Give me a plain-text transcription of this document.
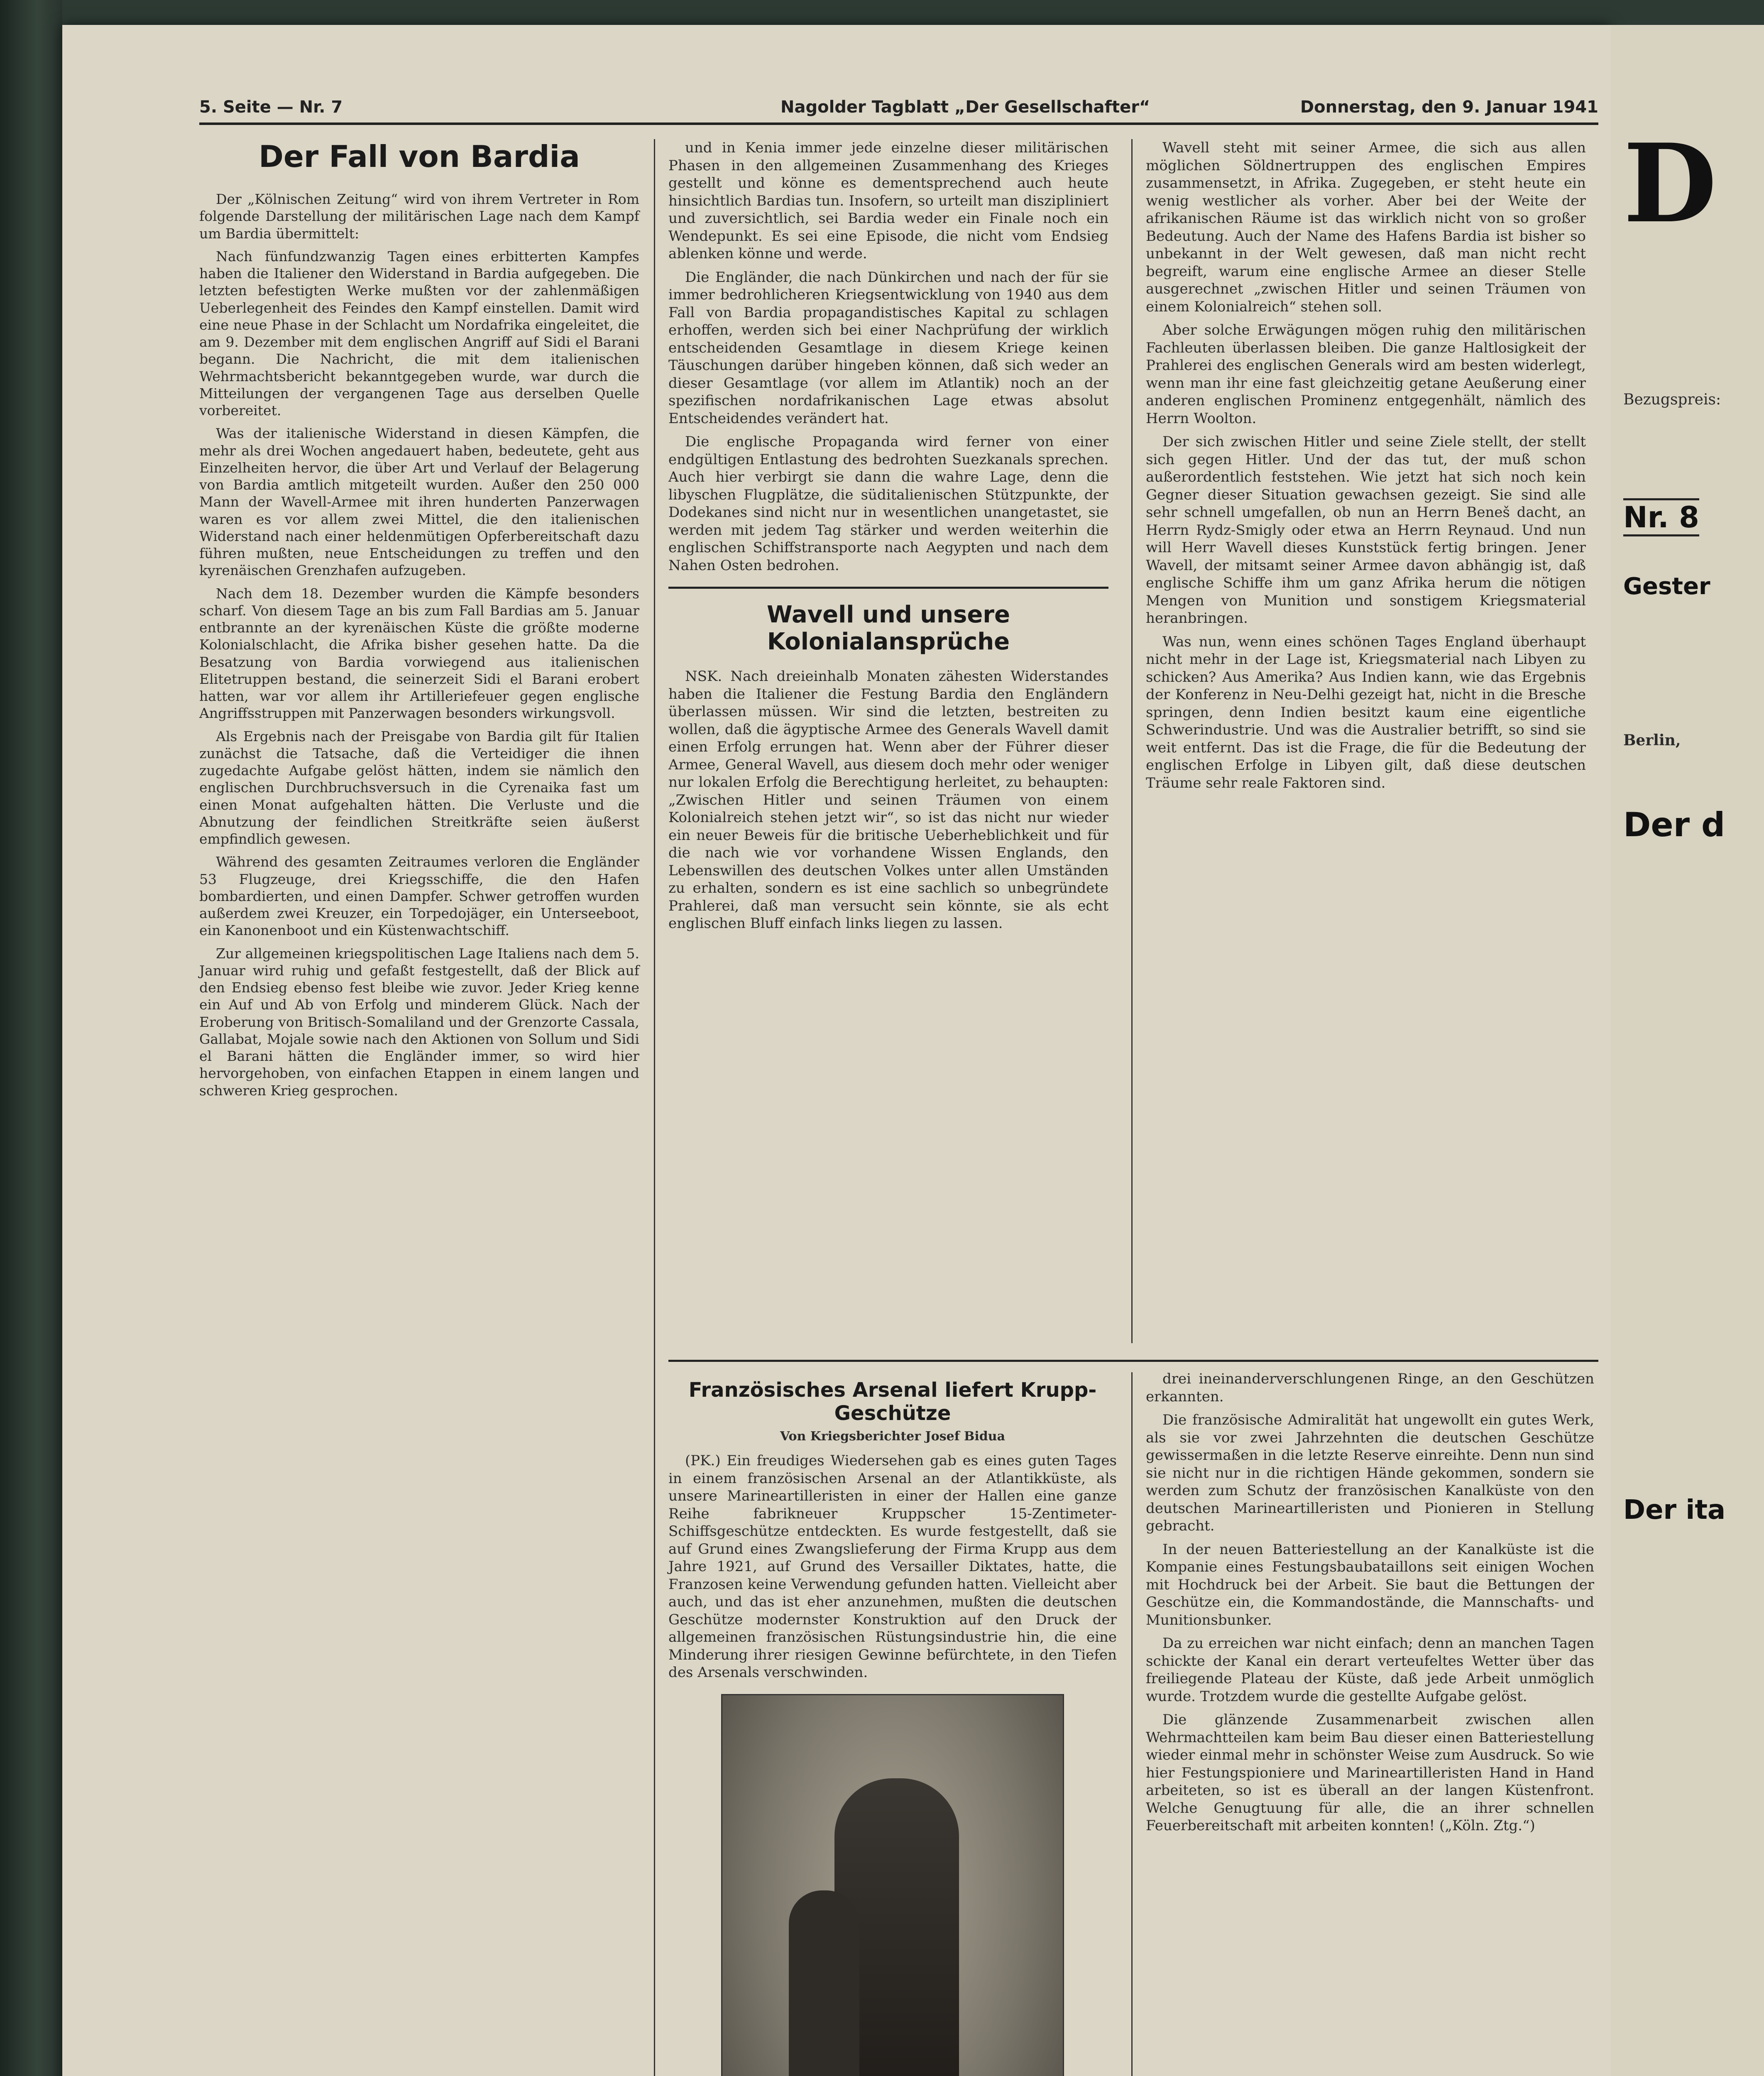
5. Seite — Nr. 7	Nagolder Tagblatt „Der Gesellschafter“	Donnerstag, den 9. Januar 1941
Der Fall von Bardia

Der „Kölnischen Zeitung“ wird von ihrem Vertreter in Rom folgende Darstellung der militärischen Lage nach dem Kampf um Bardia übermittelt:

Nach fünfundzwanzig Tagen eines erbitterten Kampfes haben die Italiener den Widerstand in Bardia aufgegeben. Die letzten befestigten Werke mußten vor der zahlenmäßigen Ueberlegenheit des Feindes den Kampf einstellen. Damit wird eine neue Phase in der Schlacht um Nordafrika eingeleitet, die am 9. Dezember mit dem englischen Angriff auf Sidi el Barani begann. Die Nachricht, die mit dem italienischen Wehrmachtsbericht bekanntgegeben wurde, war durch die Mitteilungen der vergangenen Tage aus derselben Quelle vorbereitet.

Was der italienische Widerstand in diesen Kämpfen, die mehr als drei Wochen angedauert haben, bedeutete, geht aus Einzelheiten hervor, die über Art und Verlauf der Belagerung von Bardia amtlich mitgeteilt wurden. Außer den 250 000 Mann der Wavell-Armee mit ihren hunderten Panzerwagen waren es vor allem zwei Mittel, die den italienischen Widerstand nach einer heldenmütigen Opferbereitschaft dazu führen mußten, neue Entscheidungen zu treffen und den kyrenäischen Grenzhafen aufzugeben.

Nach dem 18. Dezember wurden die Kämpfe besonders scharf. Von diesem Tage an bis zum Fall Bardias am 5. Januar entbrannte an der kyrenäischen Küste die größte moderne Kolonialschlacht, die Afrika bisher gesehen hatte. Da die Besatzung von Bardia vorwiegend aus italienischen Elitetruppen bestand, die seinerzeit Sidi el Barani erobert hatten, war vor allem ihr Artilleriefeuer gegen englische Angriffsstruppen mit Panzerwagen besonders wirkungsvoll.

Als Ergebnis nach der Preisgabe von Bardia gilt für Italien zunächst die Tatsache, daß die Verteidiger die ihnen zugedachte Aufgabe gelöst hätten, indem sie nämlich den englischen Durchbruchsversuch in die Cyrenaika fast um einen Monat aufgehalten hätten. Die Verluste und die Abnutzung der feindlichen Streitkräfte seien äußerst empfindlich gewesen.

Während des gesamten Zeitraumes verloren die Engländer 53 Flugzeuge, drei Kriegsschiffe, die den Hafen bombardierten, und einen Dampfer. Schwer getroffen wurden außerdem zwei Kreuzer, ein Torpedojäger, ein Unterseeboot, ein Kanonenboot und ein Küstenwachtschiff.

Zur allgemeinen kriegspolitischen Lage Italiens nach dem 5. Januar wird ruhig und gefaßt festgestellt, daß der Blick auf den Endsieg ebenso fest bleibe wie zuvor. Jeder Krieg kenne ein Auf und Ab von Erfolg und minderem Glück. Nach der Eroberung von Britisch-Somaliland und der Grenzorte Cassala, Gallabat, Mojale sowie nach den Aktionen von Sollum und Sidi el Barani hätten die Engländer immer, so wird hier hervorgehoben, von einfachen Etappen in einem langen und schweren Krieg gesprochen.

und in Kenia immer jede einzelne dieser militärischen Phasen in den allgemeinen Zusammenhang des Krieges gestellt und könne es dementsprechend auch heute hinsichtlich Bardias tun. Insofern, so urteilt man diszipliniert und zuversichtlich, sei Bardia weder ein Finale noch ein Wendepunkt. Es sei eine Episode, die nicht vom Endsieg ablenken könne und werde.

Die Engländer, die nach Dünkirchen und nach der für sie immer bedrohlicheren Kriegsentwicklung von 1940 aus dem Fall von Bardia propagandistisches Kapital zu schlagen erhoffen, werden sich bei einer Nachprüfung der wirklich entscheidenden Gesamtlage in diesem Kriege keinen Täuschungen darüber hingeben können, daß sich weder an dieser Gesamtlage (vor allem im Atlantik) noch an der spezifischen nordafrikanischen Lage etwas absolut Entscheidendes verändert hat.

Die englische Propaganda wird ferner von einer endgültigen Entlastung des bedrohten Suezkanals sprechen. Auch hier verbirgt sie dann die wahre Lage, denn die libyschen Flugplätze, die süditalienischen Stützpunkte, der Dodekanes sind nicht nur in wesentlichen unangetastet, sie werden mit jedem Tag stärker und werden weiterhin die englischen Schiffstransporte nach Aegypten und nach dem Nahen Osten bedrohen.

Wavell und unsere Kolonialansprüche

NSK. Nach dreieinhalb Monaten zähesten Widerstandes haben die Italiener die Festung Bardia den Engländern überlassen müssen. Wir sind die letzten, bestreiten zu wollen, daß die ägyptische Armee des Generals Wavell damit einen Erfolg errungen hat. Wenn aber der Führer dieser Armee, General Wavell, aus diesem doch mehr oder weniger nur lokalen Erfolg die Berechtigung herleitet, zu behaupten: „Zwischen Hitler und seinen Träumen von einem Kolonialreich stehen jetzt wir“, so ist das nicht nur wieder ein neuer Beweis für die britische Ueberheblichkeit und für die nach wie vor vorhandene Wissen Englands, den Lebenswillen des deutschen Volkes unter allen Umständen zu erhalten, sondern es ist eine sachlich so unbegründete Prahlerei, daß man versucht sein könnte, sie als echt englischen Bluff einfach links liegen zu lassen.

Wavell steht mit seiner Armee, die sich aus allen möglichen Söldnertruppen des englischen Empires zusammensetzt, in Afrika. Zugegeben, er steht heute ein wenig westlicher als vorher. Aber bei der Weite der afrikanischen Räume ist das wirklich nicht von so großer Bedeutung. Auch der Name des Hafens Bardia ist bisher so unbekannt in der Welt gewesen, daß man nicht recht begreift, warum eine englische Armee an dieser Stelle ausgerechnet „zwischen Hitler und seinen Träumen von einem Kolonialreich“ stehen soll.

Aber solche Erwägungen mögen ruhig den militärischen Fachleuten überlassen bleiben. Die ganze Haltlosigkeit der Prahlerei des englischen Generals wird am besten widerlegt, wenn man ihr eine fast gleichzeitig getane Aeußerung einer anderen englischen Prominenz entgegenhält, nämlich des Herrn Woolton.

Der sich zwischen Hitler und seine Ziele stellt, der stellt sich gegen Hitler. Und der das tut, der muß schon außerordentlich feststehen. Wie jetzt hat sich noch kein Gegner dieser Situation gewachsen gezeigt. Sie sind alle sehr schnell umgefallen, ob nun an Herrn Beneš dacht, an Herrn Rydz-Smigly oder etwa an Herrn Reynaud. Und nun will Herr Wavell dieses Kunststück fertig bringen. Jener Wavell, der mitsamt seiner Armee davon abhängig ist, daß englische Schiffe ihm um ganz Afrika herum die nötigen Mengen von Munition und sonstigem Kriegsmaterial heranbringen.

Was nun, wenn eines schönen Tages England überhaupt nicht mehr in der Lage ist, Kriegsmaterial nach Libyen zu schicken? Aus Amerika? Aus Indien kann, wie das Ergebnis der Konferenz in Neu-Delhi gezeigt hat, nicht in die Bresche springen, denn Indien besitzt kaum eine eigentliche Schwerindustrie. Und was die Australier betrifft, so sind sie weit entfernt. Das ist die Frage, die für die Bedeutung der englischen Erfolge in Libyen gilt, daß diese deutschen Träume sehr reale Faktoren sind.

Französisches Arsenal liefert Krupp-Geschütze
Von Kriegsberichter Josef Bidua

(PK.) Ein freudiges Wiedersehen gab es eines guten Tages in einem französischen Arsenal an der Atlantikküste, als unsere Marineartilleristen in einer der Hallen eine ganze Reihe fabrikneuer Kruppscher 15-Zentimeter-Schiffsgeschütze entdeckten. Es wurde festgestellt, daß sie auf Grund eines Zwangslieferung der Firma Krupp aus dem Jahre 1921, auf Grund des Versailler Diktates, hatte, die Franzosen keine Verwendung gefunden hatten. Vielleicht aber auch, und das ist eher anzunehmen, mußten die deutschen Geschütze modernster Konstruktion auf den Druck der allgemeinen französischen Rüstungsindustrie hin, die eine Minderung ihrer riesigen Gewinne befürchtete, in den Tiefen des Arsenals verschwinden.

drei ineinanderverschlungenen Ringe, an den Geschützen erkannten.

Die französische Admiralität hat ungewollt ein gutes Werk, als sie vor zwei Jahrzehnten die deutschen Geschütze gewissermaßen in die letzte Reserve einreihte. Denn nun sind sie nicht nur in die richtigen Hände gekommen, sondern sie werden zum Schutz der französischen Kanalküste von den deutschen Marineartilleristen und Pionieren in Stellung gebracht.

In der neuen Batteriestellung an der Kanalküste ist die Kompanie eines Festungsbaubataillons seit einigen Wochen mit Hochdruck bei der Arbeit. Sie baut die Bettungen der Geschütze ein, die Kommandostände, die Mannschafts- und Munitionsbunker.

Da zu erreichen war nicht einfach; denn an manchen Tagen schickte der Kanal ein derart verteufeltes Wetter über das freiliegende Plateau der Küste, daß jede Arbeit unmöglich wurde. Trotzdem wurde die gestellte Aufgabe gelöst.

Die glänzende Zusammenarbeit zwischen allen Wehrmachtteilen kam beim Bau dieser einen Batteriestellung wieder einmal mehr in schönster Weise zum Ausdruck. So wie hier Festungspioniere und Marineartilleristen Hand in Hand arbeiteten, so ist es überall an der langen Küstenfront. Welche Genugtuung für alle, die an ihrer schnellen Feuerbereitschaft mit arbeiten konnten! („Köln. Ztg.“)

D
Bezugspreis:
Nr. 8
Gester
Berlin,
Der d
Der ita
